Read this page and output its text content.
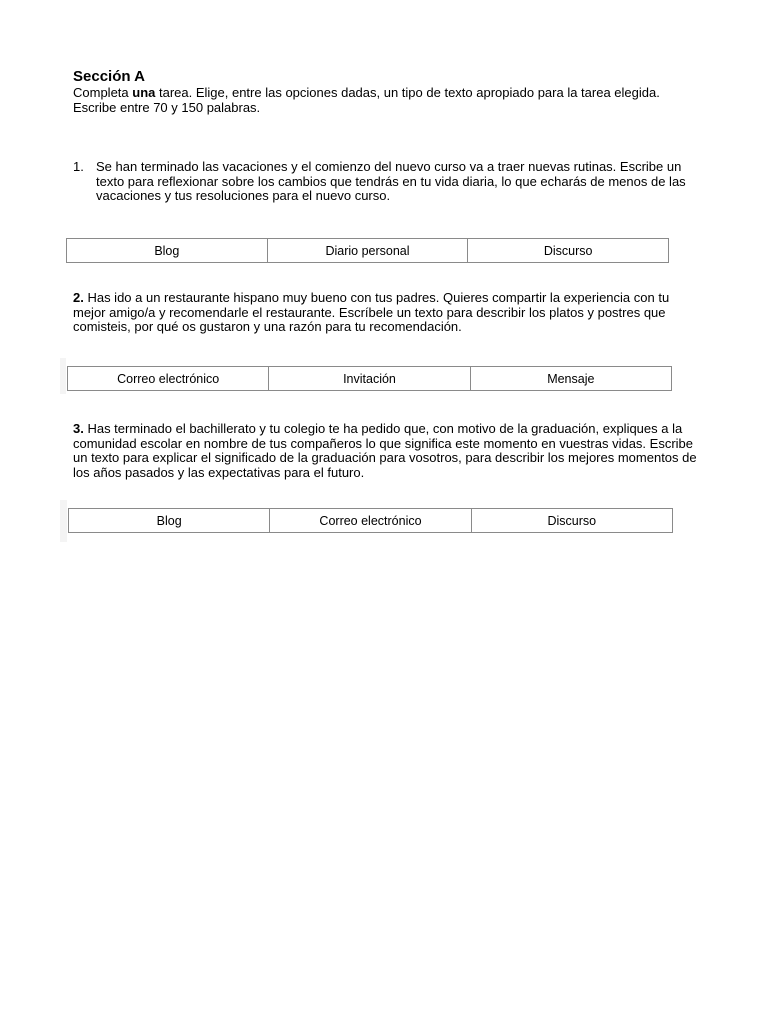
Sección A

Completa una tarea. Elige, entre las opciones dadas, un tipo de texto apropiado para la tarea elegida.

Escribe entre 70 y 150 palabras.

1. Se han terminado las vacaciones y el comienzo del nuevo curso va a traer nuevas rutinas. Escribe un texto para reflexionar sobre los cambios que tendrás en tu vida diaria, lo que echarás de menos de las vacaciones y tus resoluciones para el nuevo curso.
Blog	Diario personal	Discurso

2. Has ido a un restaurante hispano muy bueno con tus padres. Quieres compartir la experiencia con tu mejor amigo/a y recomendarle el restaurante. Escríbele un texto para describir los platos y postres que comisteis, por qué os gustaron y una razón para tu recomendación.

Correo electrónico	Invitación	Mensaje

3. Has terminado el bachillerato y tu colegio te ha pedido que, con motivo de la graduación, expliques a la comunidad escolar en nombre de tus compañeros lo que significa este momento en vuestras vidas. Escribe un texto para explicar el significado de la graduación para vosotros, para describir los mejores momentos de los años pasados y las expectativas para el futuro.

Blog	Correo electrónico	Discurso
